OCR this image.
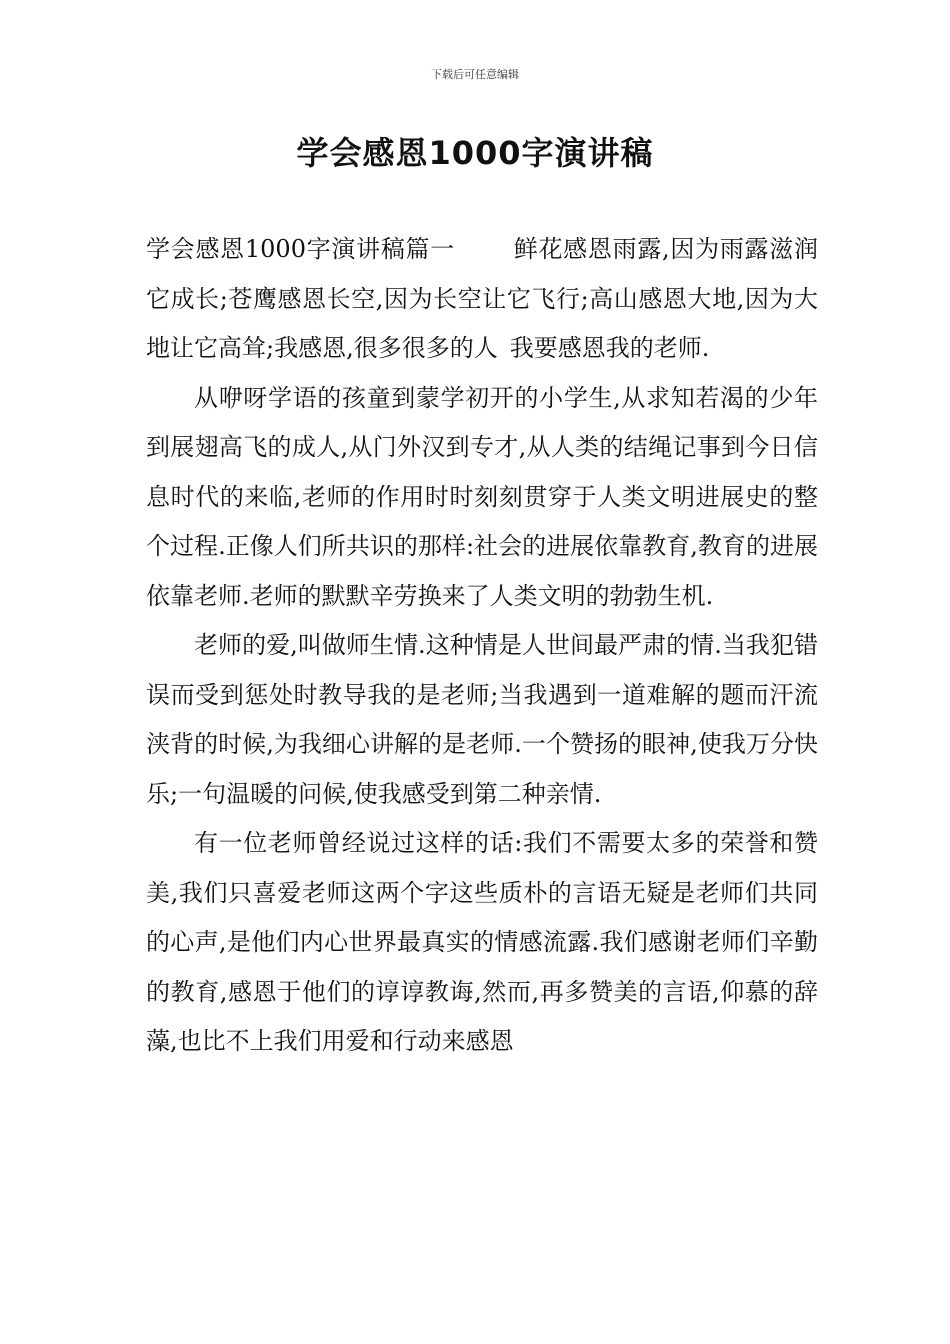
下载后可任意编辑
学会感恩1000字演讲稿

学会感恩1000字演讲稿篇一 鲜花感恩雨露,因为雨露滋润它成长;苍鹰感恩长空,因为长空让它飞行;高山感恩大地,因为大地让它高耸;我感恩,很多很多的人 我要感恩我的老师.

从咿呀学语的孩童到蒙学初开的小学生,从求知若渴的少年到展翅高飞的成人,从门外汉到专才,从人类的结绳记事到今日信息时代的来临,老师的作用时时刻刻贯穿于人类文明进展史的整个过程.正像人们所共识的那样:社会的进展依靠教育,教育的进展依靠老师.老师的默默辛劳换来了人类文明的勃勃生机.

老师的爱,叫做师生情.这种情是人世间最严肃的情.当我犯错误而受到惩处时教导我的是老师;当我遇到一道难解的题而汗流浃背的时候,为我细心讲解的是老师.一个赞扬的眼神,使我万分快乐;一句温暖的问候,使我感受到第二种亲情.

有一位老师曾经说过这样的话:我们不需要太多的荣誉和赞美,我们只喜爱老师这两个字这些质朴的言语无疑是老师们共同的心声,是他们内心世界最真实的情感流露.我们感谢老师们辛勤的教育,感恩于他们的谆谆教诲,然而,再多赞美的言语,仰慕的辞藻,也比不上我们用爱和行动来感恩
